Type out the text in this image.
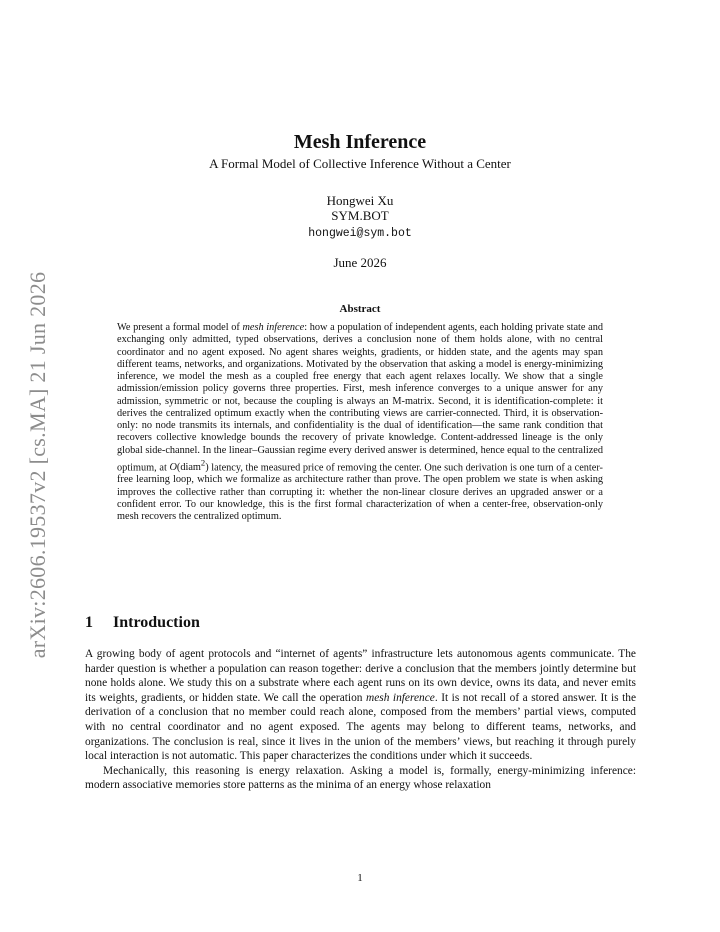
arXiv:2606.19537v2 [cs.MA] 21 Jun 2026
Mesh Inference
A Formal Model of Collective Inference Without a Center
Hongwei Xu
SYM.BOT
hongwei@sym.bot
June 2026
Abstract

We present a formal model of mesh inference: how a population of independent agents, each holding private state and exchanging only admitted, typed observations, derives a conclusion none of them holds alone, with no central coordinator and no agent exposed. No agent shares weights, gradients, or hidden state, and the agents may span different teams, networks, and organizations. Motivated by the observation that asking a model is energy-minimizing inference, we model the mesh as a coupled free energy that each agent relaxes locally. We show that a single admission/emission policy governs three properties. First, mesh inference converges to a unique answer for any admission, symmetric or not, because the coupling is always an M-matrix. Second, it is identification-complete: it derives the centralized optimum exactly when the contributing views are carrier-connected. Third, it is observation-only: no node transmits its internals, and confidentiality is the dual of identification—the same rank condition that recovers collective knowledge bounds the recovery of private knowledge. Content-addressed lineage is the only global side-channel. In the linear–Gaussian regime every derived answer is determined, hence equal to the centralized optimum, at O(diam$^2$) latency, the measured price of removing the center. One such derivation is one turn of a center-free learning loop, which we formalize as architecture rather than prove. The open problem we state is when asking improves the collective rather than corrupting it: whether the non-linear closure derives an upgraded answer or a confident error. To our knowledge, this is the first formal characterization of when a center-free, observation-only mesh recovers the centralized optimum.

1 Introduction

A growing body of agent protocols and “internet of agents” infrastructure lets autonomous agents communicate. The harder question is whether a population can reason together: derive a conclusion that the members jointly determine but none holds alone. We study this on a substrate where each agent runs on its own device, owns its data, and never emits its weights, gradients, or hidden state. We call the operation mesh inference. It is not recall of a stored answer. It is the derivation of a conclusion that no member could reach alone, composed from the members’ partial views, computed with no central coordinator and no agent exposed. The agents may belong to different teams, networks, and organizations. The conclusion is real, since it lives in the union of the members’ views, but reaching it through purely local interaction is not automatic. This paper characterizes the conditions under which it succeeds.

Mechanically, this reasoning is energy relaxation. Asking a model is, formally, energy-minimizing inference: modern associative memories store patterns as the minima of an energy whose relaxation

1
